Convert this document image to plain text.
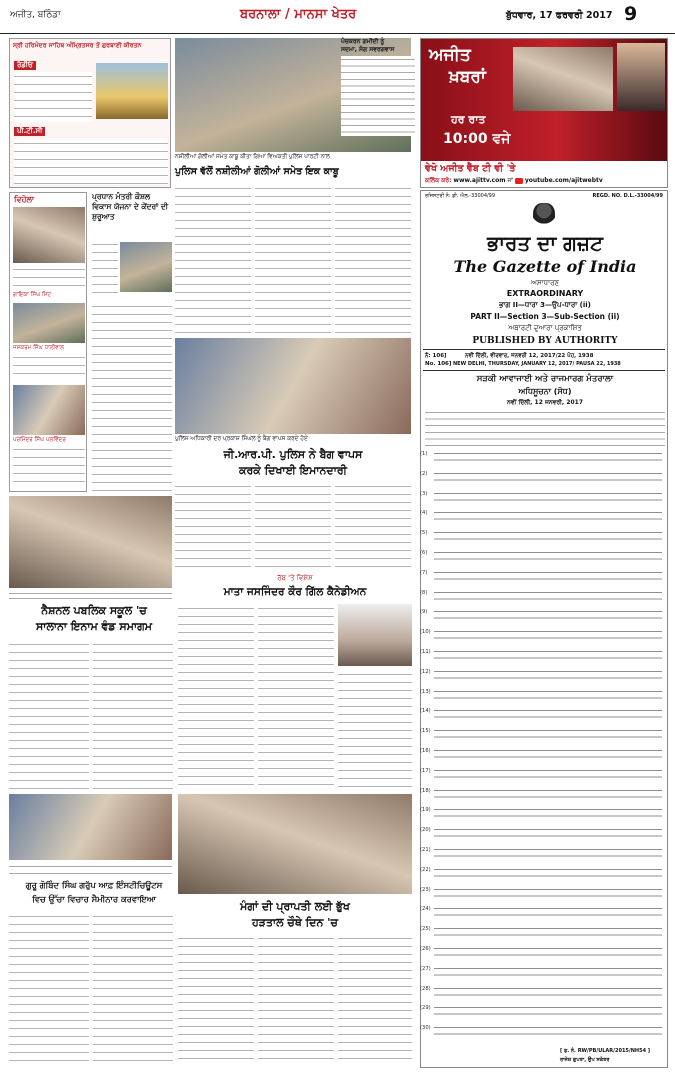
ਅਜੀਤ, ਬਠਿੰਡਾ	ਬਰਨਾਲਾ / ਮਾਨਸਾ ਖੇਤਰ	ਬੁੱਧਵਾਰ, 17 ਫਰਵਰੀ 2017 9
ਸ੍ਰੀ ਹਰਿਮੰਦਰ ਸਾਹਿਬ ਅੰਮ੍ਰਿਤਸਰ ਤੋਂ ਗੁਰਬਾਣੀ ਕੀਰਤਨ
ਰੇਡੀਓ
ਪੀ.ਟੀ.ਸੀ
ਵਿਹੋਲਾ
ਗਾਇਕਾ ਸਿੰਘ ਸਿਟ
ਜਸਕਰਮ ਸਿੰਘ ਧਾਲੀਵਾਲ
ਪਰਮਿੰਦਰ ਸਿੰਘ ਪਲਵਿੰਦਰ
ਪ੍ਰਧਾਨ ਮੰਤਰੀ ਕੌਸ਼ਲ ਵਿਕਾਸ ਯੋਜਨਾ ਦੇ ਕੇਂਦਰਾਂ ਦੀ ਸ਼ੁਰੂਆਤ
ਨਸ਼ੀਲੀਆਂ ਗੋਲੀਆਂ ਸਮੇਤ ਕਾਬੂ ਕੀਤਾ ਗਿਆ ਵਿਅਕਤੀ ਪੁਲਿਸ ਪਾਰਟੀ ਨਾਲ
ਪੁਲਿਸ ਵੱਲੋਂ ਨਸ਼ੀਲੀਆਂ ਗੋਲੀਆਂ ਸਮੇਤ ਇਕ ਕਾਬੂ
ਪੁਲਿਸ ਅਧਿਕਾਰੀ ਦਰ ਪ੍ਰਕਾਸ਼ ਸਿੰਘਲ ਨੂੰ ਬੈਗ ਵਾਪਸ ਕਰਦੇ ਹੋਏ
ਜੀ.ਆਰ.ਪੀ. ਪੁਲਿਸ ਨੇ ਬੈਗ ਵਾਪਸ
ਕਰਕੇ ਦਿਖਾਈ ਇਮਾਨਦਾਰੀ
ਨੈਸ਼ਨਲ ਪਬਲਿਕ ਸਕੂਲ 'ਚ
ਸਾਲਾਨਾ ਇਨਾਮ ਵੰਡ ਸਮਾਗਮ
ਰੱਬ 'ਤੇ ਵਿਸ਼ੇਸ਼
ਮਾਤਾ ਜਸਜਿੰਦਰ ਕੌਰ ਗਿੱਲ ਕੈਨੇਡੀਅਨ
ਗੁਰੂ ਗੋਬਿੰਦ ਸਿੰਘ ਗਰੁੱਪ ਆਫ਼ ਇੰਸਟੀਚਿਊਟਸ
ਵਿਚ ਉੱਚਾ ਵਿਚਾਰ ਸੈਮੀਨਾਰ ਕਰਵਾਇਆ
ਮੰਗਾਂ ਦੀ ਪ੍ਰਾਪਤੀ ਲਈ ਭੁੱਖ
ਹੜਤਾਲ ਚੌਥੇ ਦਿਨ 'ਚ
ਪੰਚਕਰਨ ਗਮੀਦੀ ਨੂੰ
ਸਦਮਾ, ਸੋਗ ਸਵਰਗਵਾਸ	ਅਜੀਤ
ਖ਼ਬਰਾਂ
ਹਰ ਰਾਤ
10:00 ਵਜੇ
ਵੇਖੋ ਅਜੀਤ ਵੈੱਬ ਟੀ ਵੀ 'ਤੇ
ਕਲਿੱਕ ਕਰੋ: www.ajittv.com ਜਾਂ youtube.com/ajitwebtv
ਰਜਿਸਟਰੀ ਨੰ: ਡੀ. ਐਲ.-33004/99	REGD. NO. D.L.-33004/99
ਭਾਰਤ ਦਾ ਗਜ਼ਟ
The Gazette of India
ਅਸਾਧਾਰਣ
EXTRAORDINARY
ਭਾਗ II—ਧਾਰਾ 3—ਉਪ-ਧਾਰਾ (ii)
PART II—Section 3—Sub-Section (ii)
ਅਥਾਰਟੀ ਦੁਆਰਾ ਪ੍ਰਕਾਸ਼ਿਤ
PUBLISHED BY AUTHORITY
ਨੰ: 106]
No. 106]
ਨਵੀਂ ਦਿੱਲੀ, ਵੀਰਵਾਰ, ਜਨਵਰੀ 12, 2017/22 ਪੋਹ, 1938
NEW DELHI, THURSDAY, JANUARY 12, 2017/ PAUSA 22, 1938
ਸੜਕੀ ਆਵਾਜਾਈ ਅਤੇ ਰਾਜਮਾਰਗ ਮੰਤਰਾਲਾ
ਅਧਿਸੂਚਨਾ (ਸੋਧ)
ਨਵੀਂ ਦਿੱਲੀ, 12 ਜਨਵਰੀ, 2017
(1)
(2)
(3)
(4)
(5)
(6)
(7)
(8)
(9)
(10)
(11)
(12)
(13)
(14)
(15)
(16)
(17)
(18)
(19)
(20)
(21)
(22)
(23)
(24)
(25)
(26)
(27)
(28)
(29)
(30)
[ ਫ. ਨੰ. RW/PB/ULAR/2015/NH54 ]
ਰਾਜੇਸ਼ ਗੁਪਤਾ, ਉਪ ਸਕੱਤਰ
